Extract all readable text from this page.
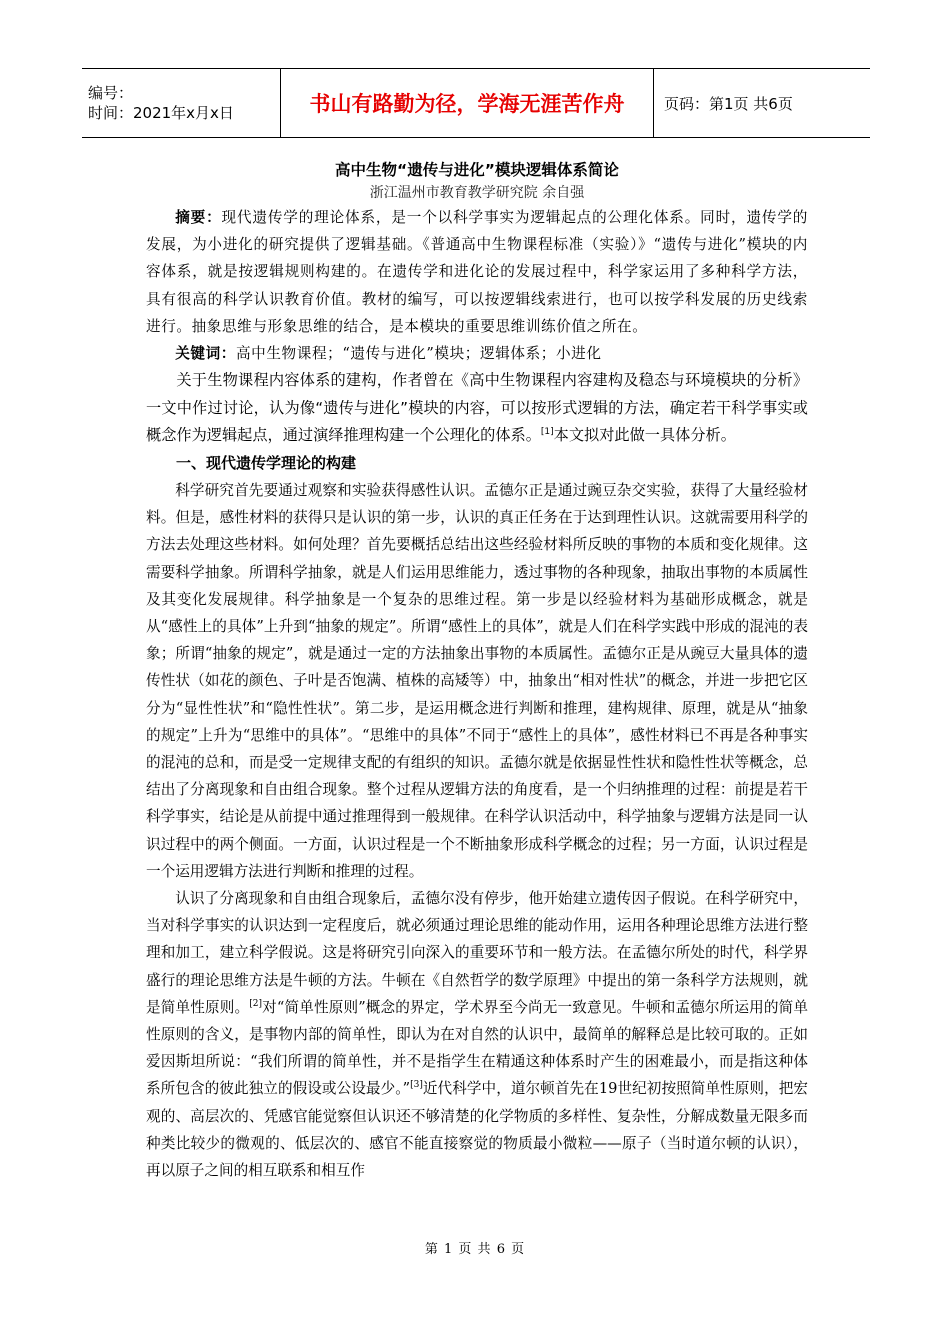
编号：
时间：2021年x月x日	书山有路勤为径，学海无涯苦作舟	页码：第1页 共6页
高中生物“遗传与进化”模块逻辑体系简论
浙江温州市教育教学研究院 余自强

摘要：现代遗传学的理论体系，是一个以科学事实为逻辑起点的公理化体系。同时，遗传学的发展，为小进化的研究提供了逻辑基础。《普通高中生物课程标准（实验）》“遗传与进化”模块的内容体系，就是按逻辑规则构建的。在遗传学和进化论的发展过程中，科学家运用了多种科学方法，具有很高的科学认识教育价值。教材的编写，可以按逻辑线索进行，也可以按学科发展的历史线索进行。抽象思维与形象思维的结合，是本模块的重要思维训练价值之所在。

关键词：高中生物课程；“遗传与进化”模块；逻辑体系；小进化

关于生物课程内容体系的建构，作者曾在《高中生物课程内容建构及稳态与环境模块的分析》一文中作过讨论，认为像“遗传与进化”模块的内容，可以按形式逻辑的方法，确定若干科学事实或概念作为逻辑起点，通过演绎推理构建一个公理化的体系。[1]本文拟对此做一具体分析。

一、现代遗传学理论的构建

科学研究首先要通过观察和实验获得感性认识。孟德尔正是通过豌豆杂交实验，获得了大量经验材料。但是，感性材料的获得只是认识的第一步，认识的真正任务在于达到理性认识。这就需要用科学的方法去处理这些材料。如何处理？首先要概括总结出这些经验材料所反映的事物的本质和变化规律。这需要科学抽象。所谓科学抽象，就是人们运用思维能力，透过事物的各种现象，抽取出事物的本质属性及其变化发展规律。科学抽象是一个复杂的思维过程。第一步是以经验材料为基础形成概念，就是从“感性上的具体”上升到“抽象的规定”。所谓“感性上的具体”，就是人们在科学实践中形成的混沌的表象；所谓“抽象的规定”，就是通过一定的方法抽象出事物的本质属性。孟德尔正是从豌豆大量具体的遗传性状（如花的颜色、子叶是否饱满、植株的高矮等）中，抽象出“相对性状”的概念，并进一步把它区分为“显性性状”和“隐性性状”。第二步，是运用概念进行判断和推理，建构规律、原理，就是从“抽象的规定”上升为“思维中的具体”。“思维中的具体”不同于“感性上的具体”，感性材料已不再是各种事实的混沌的总和，而是受一定规律支配的有组织的知识。孟德尔就是依据显性性状和隐性性状等概念，总结出了分离现象和自由组合现象。整个过程从逻辑方法的角度看，是一个归纳推理的过程：前提是若干科学事实，结论是从前提中通过推理得到一般规律。在科学认识活动中，科学抽象与逻辑方法是同一认识过程中的两个侧面。一方面，认识过程是一个不断抽象形成科学概念的过程；另一方面，认识过程是一个运用逻辑方法进行判断和推理的过程。

认识了分离现象和自由组合现象后，孟德尔没有停步，他开始建立遗传因子假说。在科学研究中，当对科学事实的认识达到一定程度后，就必须通过理论思维的能动作用，运用各种理论思维方法进行整理和加工，建立科学假说。这是将研究引向深入的重要环节和一般方法。在孟德尔所处的时代，科学界盛行的理论思维方法是牛顿的方法。牛顿在《自然哲学的数学原理》中提出的第一条科学方法规则，就是简单性原则。[2]对“简单性原则”概念的界定，学术界至今尚无一致意见。牛顿和孟德尔所运用的简单性原则的含义，是事物内部的简单性，即认为在对自然的认识中，最简单的解释总是比较可取的。正如爱因斯坦所说：“我们所谓的简单性，并不是指学生在精通这种体系时产生的困难最小，而是指这种体系所包含的彼此独立的假设或公设最少。”[3]近代科学中，道尔顿首先在19世纪初按照简单性原则，把宏观的、高层次的、凭感官能觉察但认识还不够清楚的化学物质的多样性、复杂性，分解成数量无限多而种类比较少的微观的、低层次的、感官不能直接察觉的物质最小微粒——原子（当时道尔顿的认识），再以原子之间的相互联系和相互作

第 1 页 共 6 页
